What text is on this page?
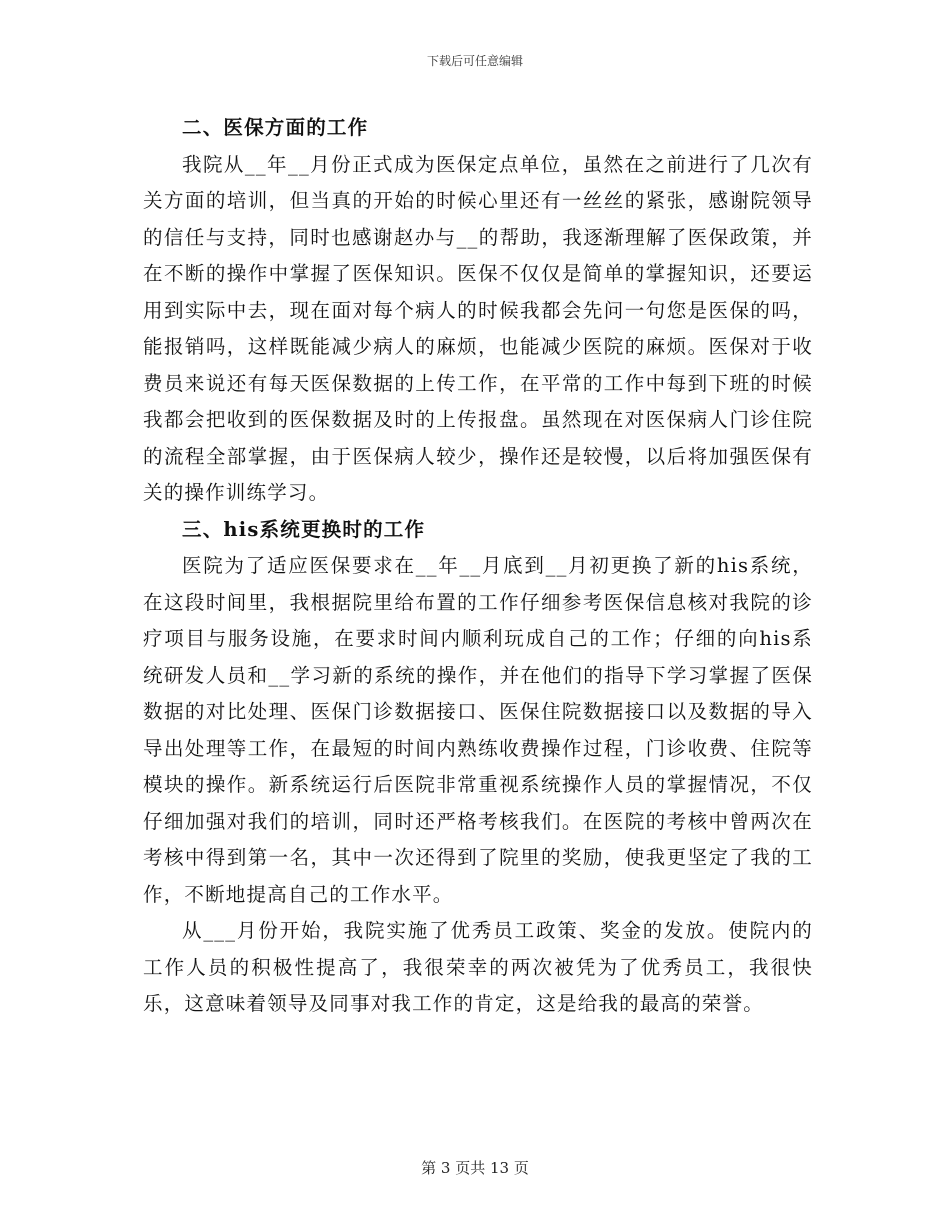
下载后可任意编辑

二、医保方面的工作

我院从__年__月份正式成为医保定点单位，虽然在之前进行了几次有关方面的培训，但当真的开始的时候心里还有一丝丝的紧张，感谢院领导的信任与支持，同时也感谢赵办与__的帮助，我逐渐理解了医保政策，并在不断的操作中掌握了医保知识。医保不仅仅是简单的掌握知识，还要运用到实际中去，现在面对每个病人的时候我都会先问一句您是医保的吗，能报销吗，这样既能减少病人的麻烦，也能减少医院的麻烦。医保对于收费员来说还有每天医保数据的上传工作，在平常的工作中每到下班的时候我都会把收到的医保数据及时的上传报盘。虽然现在对医保病人门诊住院的流程全部掌握，由于医保病人较少，操作还是较慢，以后将加强医保有关的操作训练学习。

三、his系统更换时的工作

医院为了适应医保要求在__年__月底到__月初更换了新的his系统，在这段时间里，我根据院里给布置的工作仔细参考医保信息核对我院的诊疗项目与服务设施，在要求时间内顺利玩成自己的工作；仔细的向his系统研发人员和__学习新的系统的操作，并在他们的指导下学习掌握了医保数据的对比处理、医保门诊数据接口、医保住院数据接口以及数据的导入导出处理等工作，在最短的时间内熟练收费操作过程，门诊收费、住院等模块的操作。新系统运行后医院非常重视系统操作人员的掌握情况，不仅仔细加强对我们的培训，同时还严格考核我们。在医院的考核中曾两次在考核中得到第一名，其中一次还得到了院里的奖励，使我更坚定了我的工作，不断地提高自己的工作水平。

从___月份开始，我院实施了优秀员工政策、奖金的发放。使院内的工作人员的积极性提高了，我很荣幸的两次被凭为了优秀员工，我很快乐，这意味着领导及同事对我工作的肯定，这是给我的最高的荣誉。

第 3 页共 13 页
